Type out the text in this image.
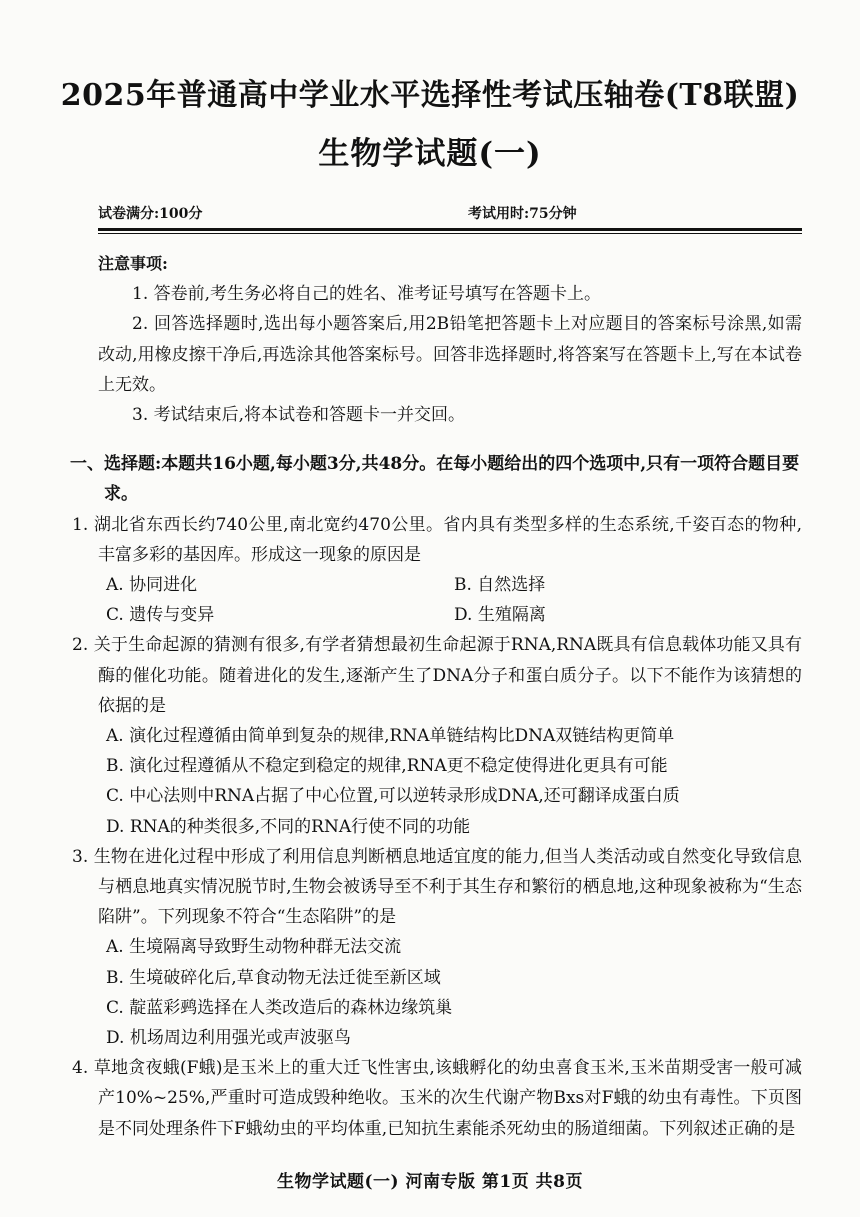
2025年普通高中学业水平选择性考试压轴卷(T8联盟)
生物学试题(一)
试卷满分:100分	考试用时:75分钟
注意事项:
1. 答卷前,考生务必将自己的姓名、准考证号填写在答题卡上。
2. 回答选择题时,选出每小题答案后,用2B铅笔把答题卡上对应题目的答案标号涂黑,如需改动,用橡皮擦干净后,再选涂其他答案标号。回答非选择题时,将答案写在答题卡上,写在本试卷上无效。
3. 考试结束后,将本试卷和答题卡一并交回。
一、选择题:本题共16小题,每小题3分,共48分。在每小题给出的四个选项中,只有一项符合题目要求。
1. 湖北省东西长约740公里,南北宽约470公里。省内具有类型多样的生态系统,千姿百态的物种,丰富多彩的基因库。形成这一现象的原因是
A. 协同进化	B. 自然选择
C. 遗传与变异	D. 生殖隔离
2. 关于生命起源的猜测有很多,有学者猜想最初生命起源于RNA,RNA既具有信息载体功能又具有酶的催化功能。随着进化的发生,逐渐产生了DNA分子和蛋白质分子。以下不能作为该猜想的依据的是
A. 演化过程遵循由简单到复杂的规律,RNA单链结构比DNA双链结构更简单
B. 演化过程遵循从不稳定到稳定的规律,RNA更不稳定使得进化更具有可能
C. 中心法则中RNA占据了中心位置,可以逆转录形成DNA,还可翻译成蛋白质
D. RNA的种类很多,不同的RNA行使不同的功能
3. 生物在进化过程中形成了利用信息判断栖息地适宜度的能力,但当人类活动或自然变化导致信息与栖息地真实情况脱节时,生物会被诱导至不利于其生存和繁衍的栖息地,这种现象被称为“生态陷阱”。下列现象不符合“生态陷阱”的是
A. 生境隔离导致野生动物种群无法交流
B. 生境破碎化后,草食动物无法迁徙至新区域
C. 靛蓝彩鹀选择在人类改造后的森林边缘筑巢
D. 机场周边利用强光或声波驱鸟
4. 草地贪夜蛾(F蛾)是玉米上的重大迁飞性害虫,该蛾孵化的幼虫喜食玉米,玉米苗期受害一般可减产10%~25%,严重时可造成毁种绝收。玉米的次生代谢产物Bxs对F蛾的幼虫有毒性。下页图是不同处理条件下F蛾幼虫的平均体重,已知抗生素能杀死幼虫的肠道细菌。下列叙述正确的是
生物学试题(一) 河南专版 第1页 共8页
